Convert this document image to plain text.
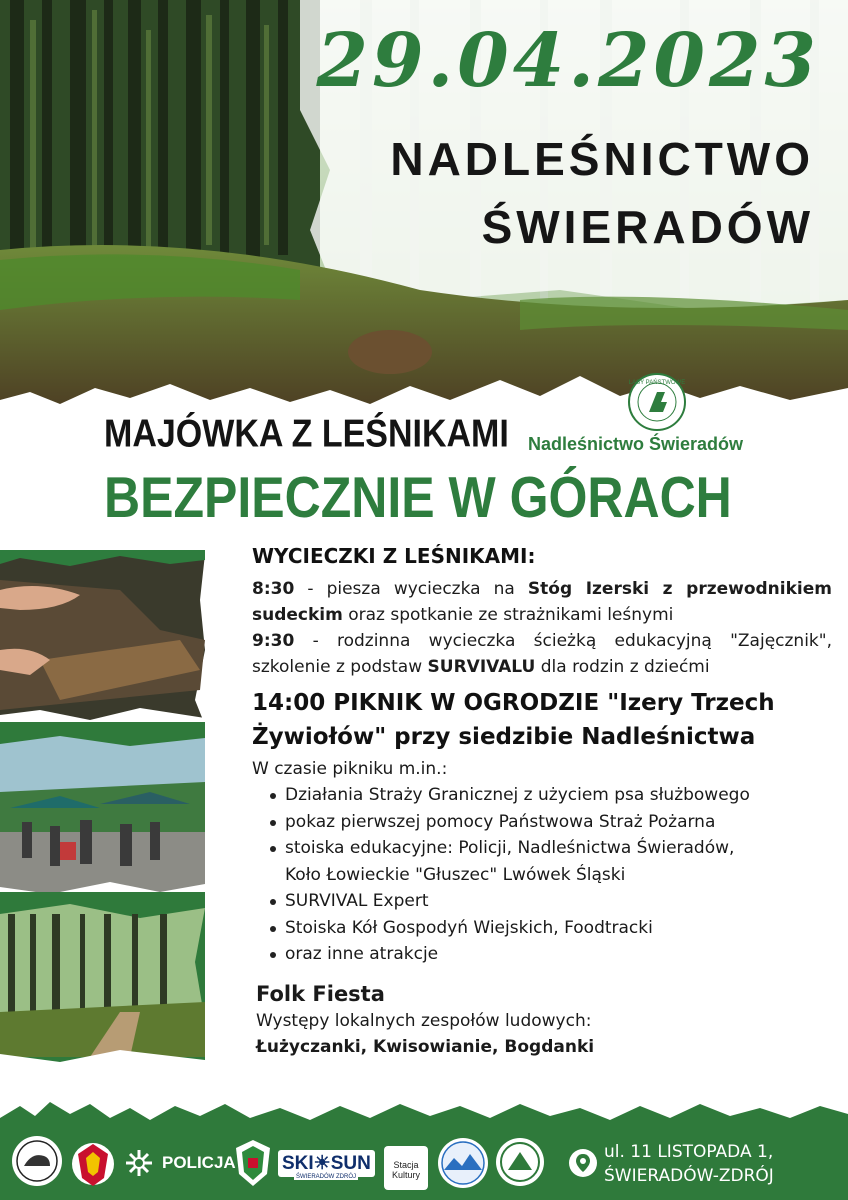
29.04.2023
NADLEŚNICTWO
ŚWIERADÓW
MAJÓWKA Z LEŚNIKAMI
BEZPIECZNIE W GÓRACH
LASY PAŃSTWOWE
Nadleśnictwo Świeradów
WYCIECZKI Z LEŚNIKAMI:

8:30 - piesza wycieczka na Stóg Izerski z przewodnikiem sudeckim oraz spotkanie ze strażnikami leśnymi

9:30 - rodzinna wycieczka ścieżką edukacyjną "Zajęcznik", szkolenie z podstaw SURVIVALU dla rodzin z dziećmi

14:00 PIKNIK W OGRODZIE "Izery Trzech
Żywiołów" przy siedzibie Nadleśnictwa
W czasie pikniku m.in.:
Działania Straży Granicznej z użyciem psa służbowego
pokaz pierwszej pomocy Państwowa Straż Pożarna
stoiska edukacyjne: Policji, Nadleśnictwa Świeradów,
Koło Łowieckie "Głuszec" Lwówek Śląski
SURVIVAL Expert
Stoiska Kół Gospodyń Wiejskich, Foodtracki
oraz inne atrakcje
Folk Fiesta
Występy lokalnych zespołów ludowych:
Łużyczanki, Kwisowianie, Bogdanki
POLICJA SKI☀SUN
ŚWIERADÓW ZDRÓJ
Stacja Kultury
ul. 11 LISTOPADA 1,
ŚWIERADÓW-ZDRÓJ
